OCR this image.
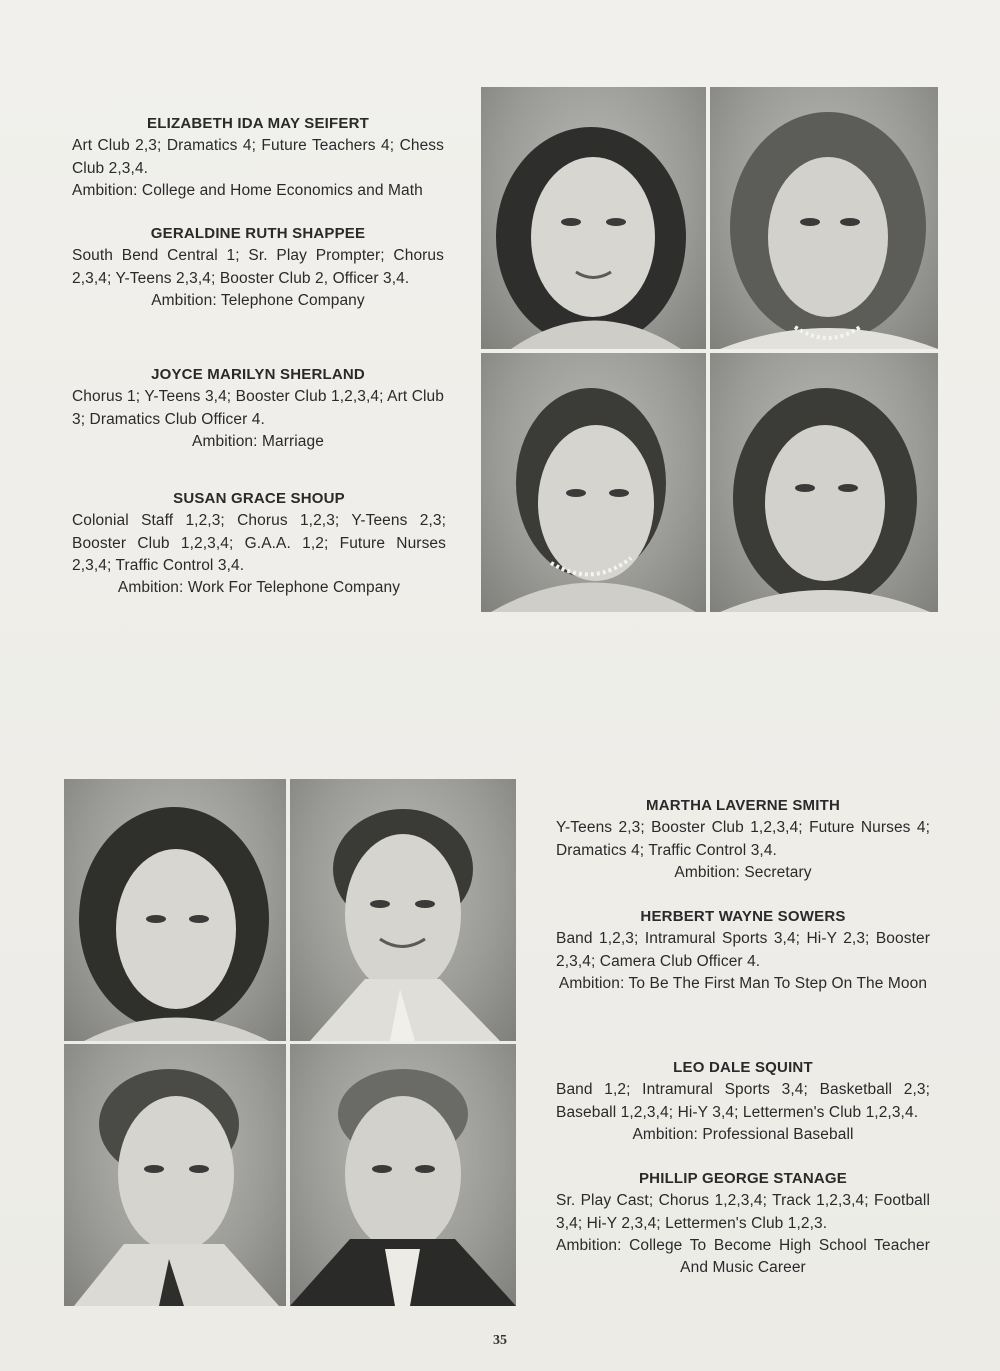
ELIZABETH IDA MAY SEIFERT
Art Club 2,3; Dramatics 4; Future Teachers 4; Chess Club 2,3,4.
Ambition: College and Home Economics and Math
GERALDINE RUTH SHAPPEE
South Bend Central 1; Sr. Play Prompter; Chorus 2,3,4; Y-Teens 2,3,4; Booster Club 2, Officer 3,4.
Ambition: Telephone Company
JOYCE MARILYN SHERLAND
Chorus 1; Y-Teens 3,4; Booster Club 1,2,3,4; Art Club 3; Dramatics Club Officer 4.
Ambition: Marriage
SUSAN GRACE SHOUP
Colonial Staff 1,2,3; Chorus 1,2,3; Y-Teens 2,3; Booster Club 1,2,3,4; G.A.A. 1,2; Future Nurses 2,3,4; Traffic Control 3,4.
Ambition: Work For Telephone Company
MARTHA LAVERNE SMITH
Y-Teens 2,3; Booster Club 1,2,3,4; Future Nurses 4; Dramatics 4; Traffic Control 3,4.
Ambition: Secretary
HERBERT WAYNE SOWERS
Band 1,2,3; Intramural Sports 3,4; Hi-Y 2,3; Booster 2,3,4; Camera Club Officer 4.
Ambition: To Be The First Man To Step On The Moon
LEO DALE SQUINT
Band 1,2; Intramural Sports 3,4; Basketball 2,3; Baseball 1,2,3,4; Hi-Y 3,4; Lettermen's Club 1,2,3,4.
Ambition: Professional Baseball
PHILLIP GEORGE STANAGE
Sr. Play Cast; Chorus 1,2,3,4; Track 1,2,3,4; Football 3,4; Hi-Y 2,3,4; Lettermen's Club 1,2,3.
Ambition: College To Become High School Teacher And Music Career
35
